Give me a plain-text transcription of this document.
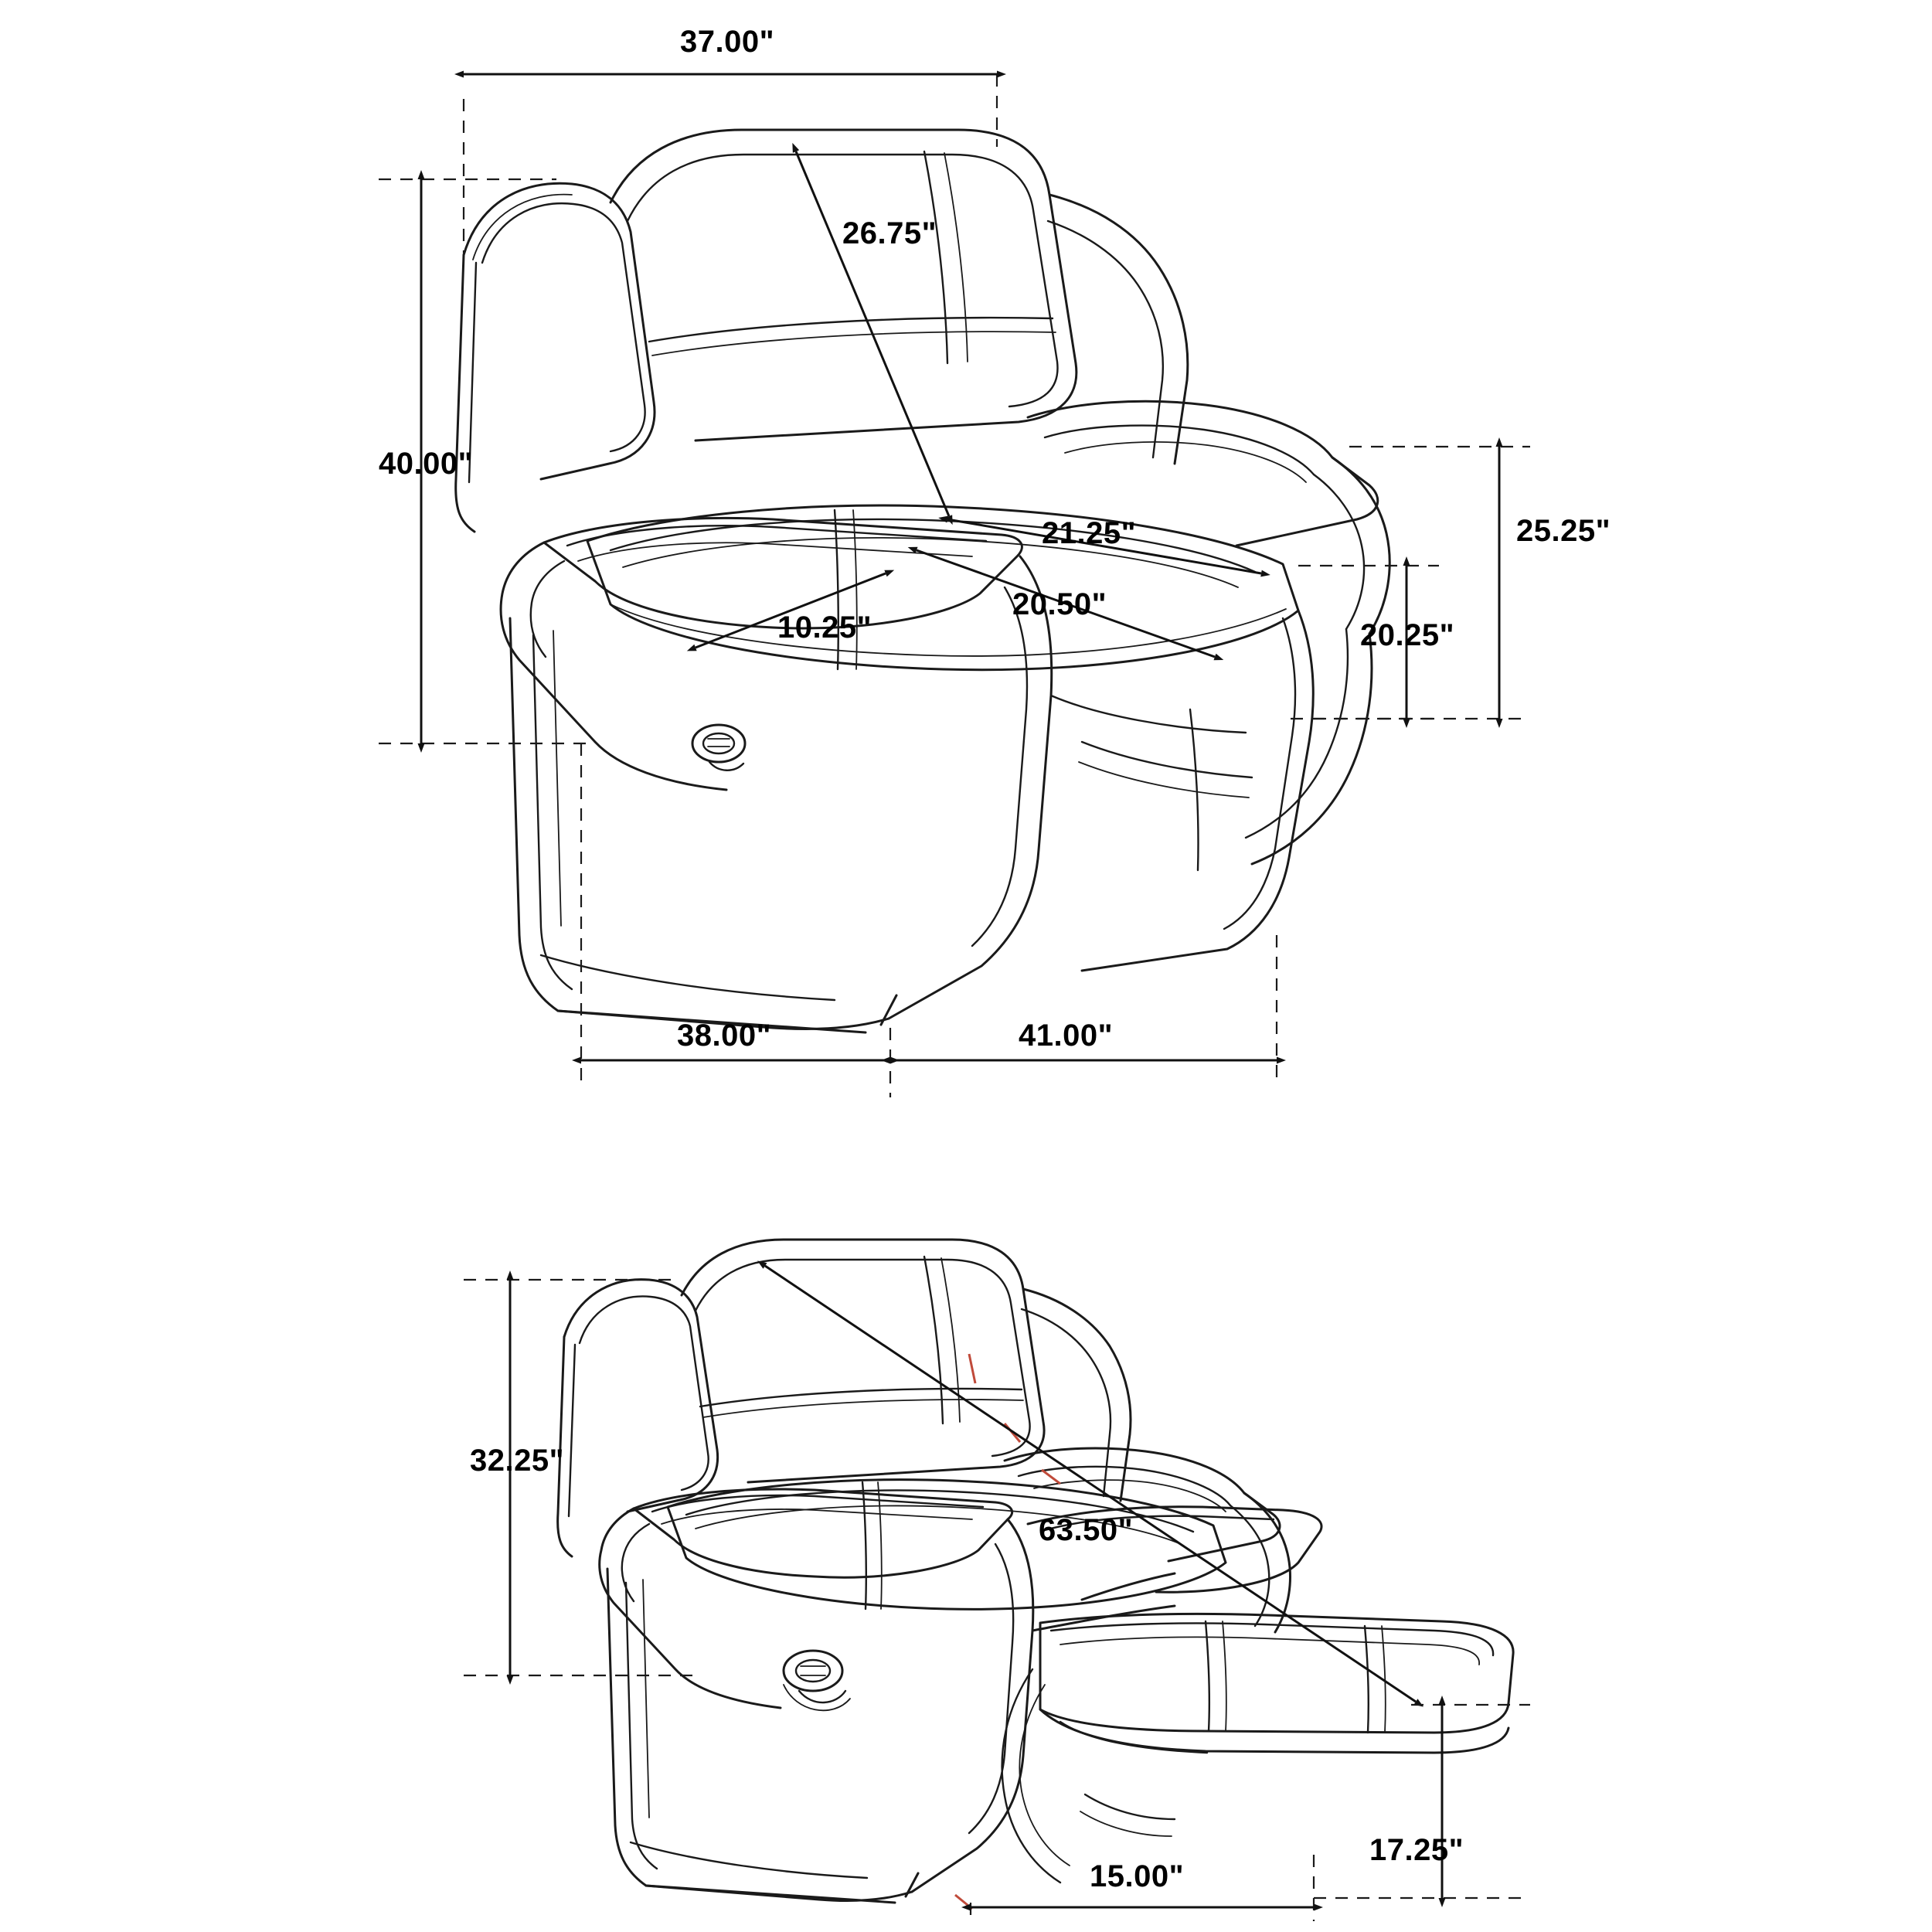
37.00"
40.00"
26.75"
21.25"
20.50"
10.25"
25.25"
20.25"
38.00"	41.00"
32.25"
63.50"
17.25"
15.00"
